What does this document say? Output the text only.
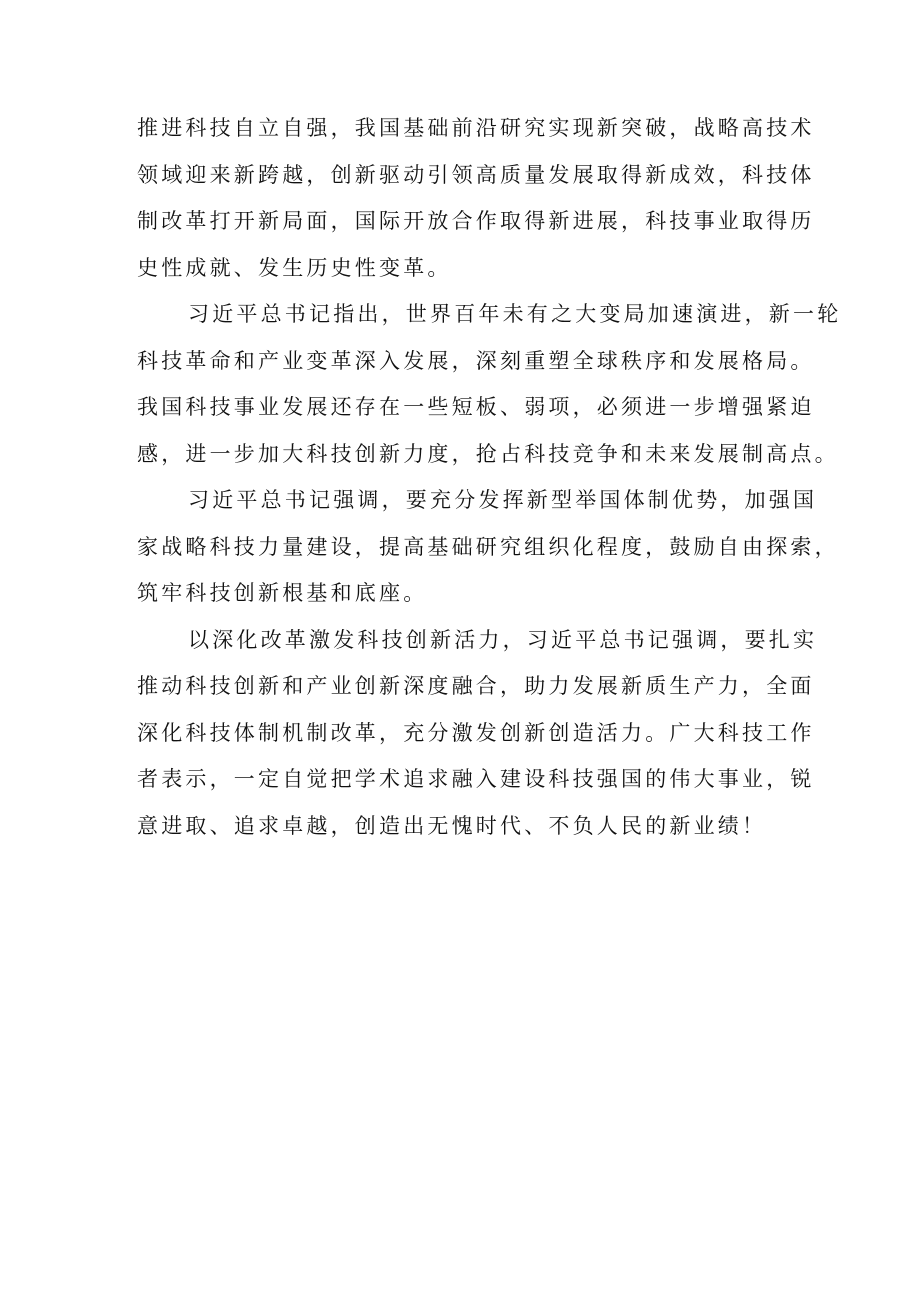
推进科技自立自强，我国基础前沿研究实现新突破，战略高技术
领域迎来新跨越，创新驱动引领高质量发展取得新成效，科技体
制改革打开新局面，国际开放合作取得新进展，科技事业取得历
史性成就、发生历史性变革。

习近平总书记指出，世界百年未有之大变局加速演进，新一轮
科技革命和产业变革深入发展，深刻重塑全球秩序和发展格局。
我国科技事业发展还存在一些短板、弱项，必须进一步增强紧迫
感，进一步加大科技创新力度，抢占科技竞争和未来发展制高点。

习近平总书记强调，要充分发挥新型举国体制优势，加强国
家战略科技力量建设，提高基础研究组织化程度，鼓励自由探索，
筑牢科技创新根基和底座。

以深化改革激发科技创新活力，习近平总书记强调，要扎实
推动科技创新和产业创新深度融合，助力发展新质生产力，全面
深化科技体制机制改革，充分激发创新创造活力。广大科技工作
者表示，一定自觉把学术追求融入建设科技强国的伟大事业，锐
意进取、追求卓越，创造出无愧时代、不负人民的新业绩！
